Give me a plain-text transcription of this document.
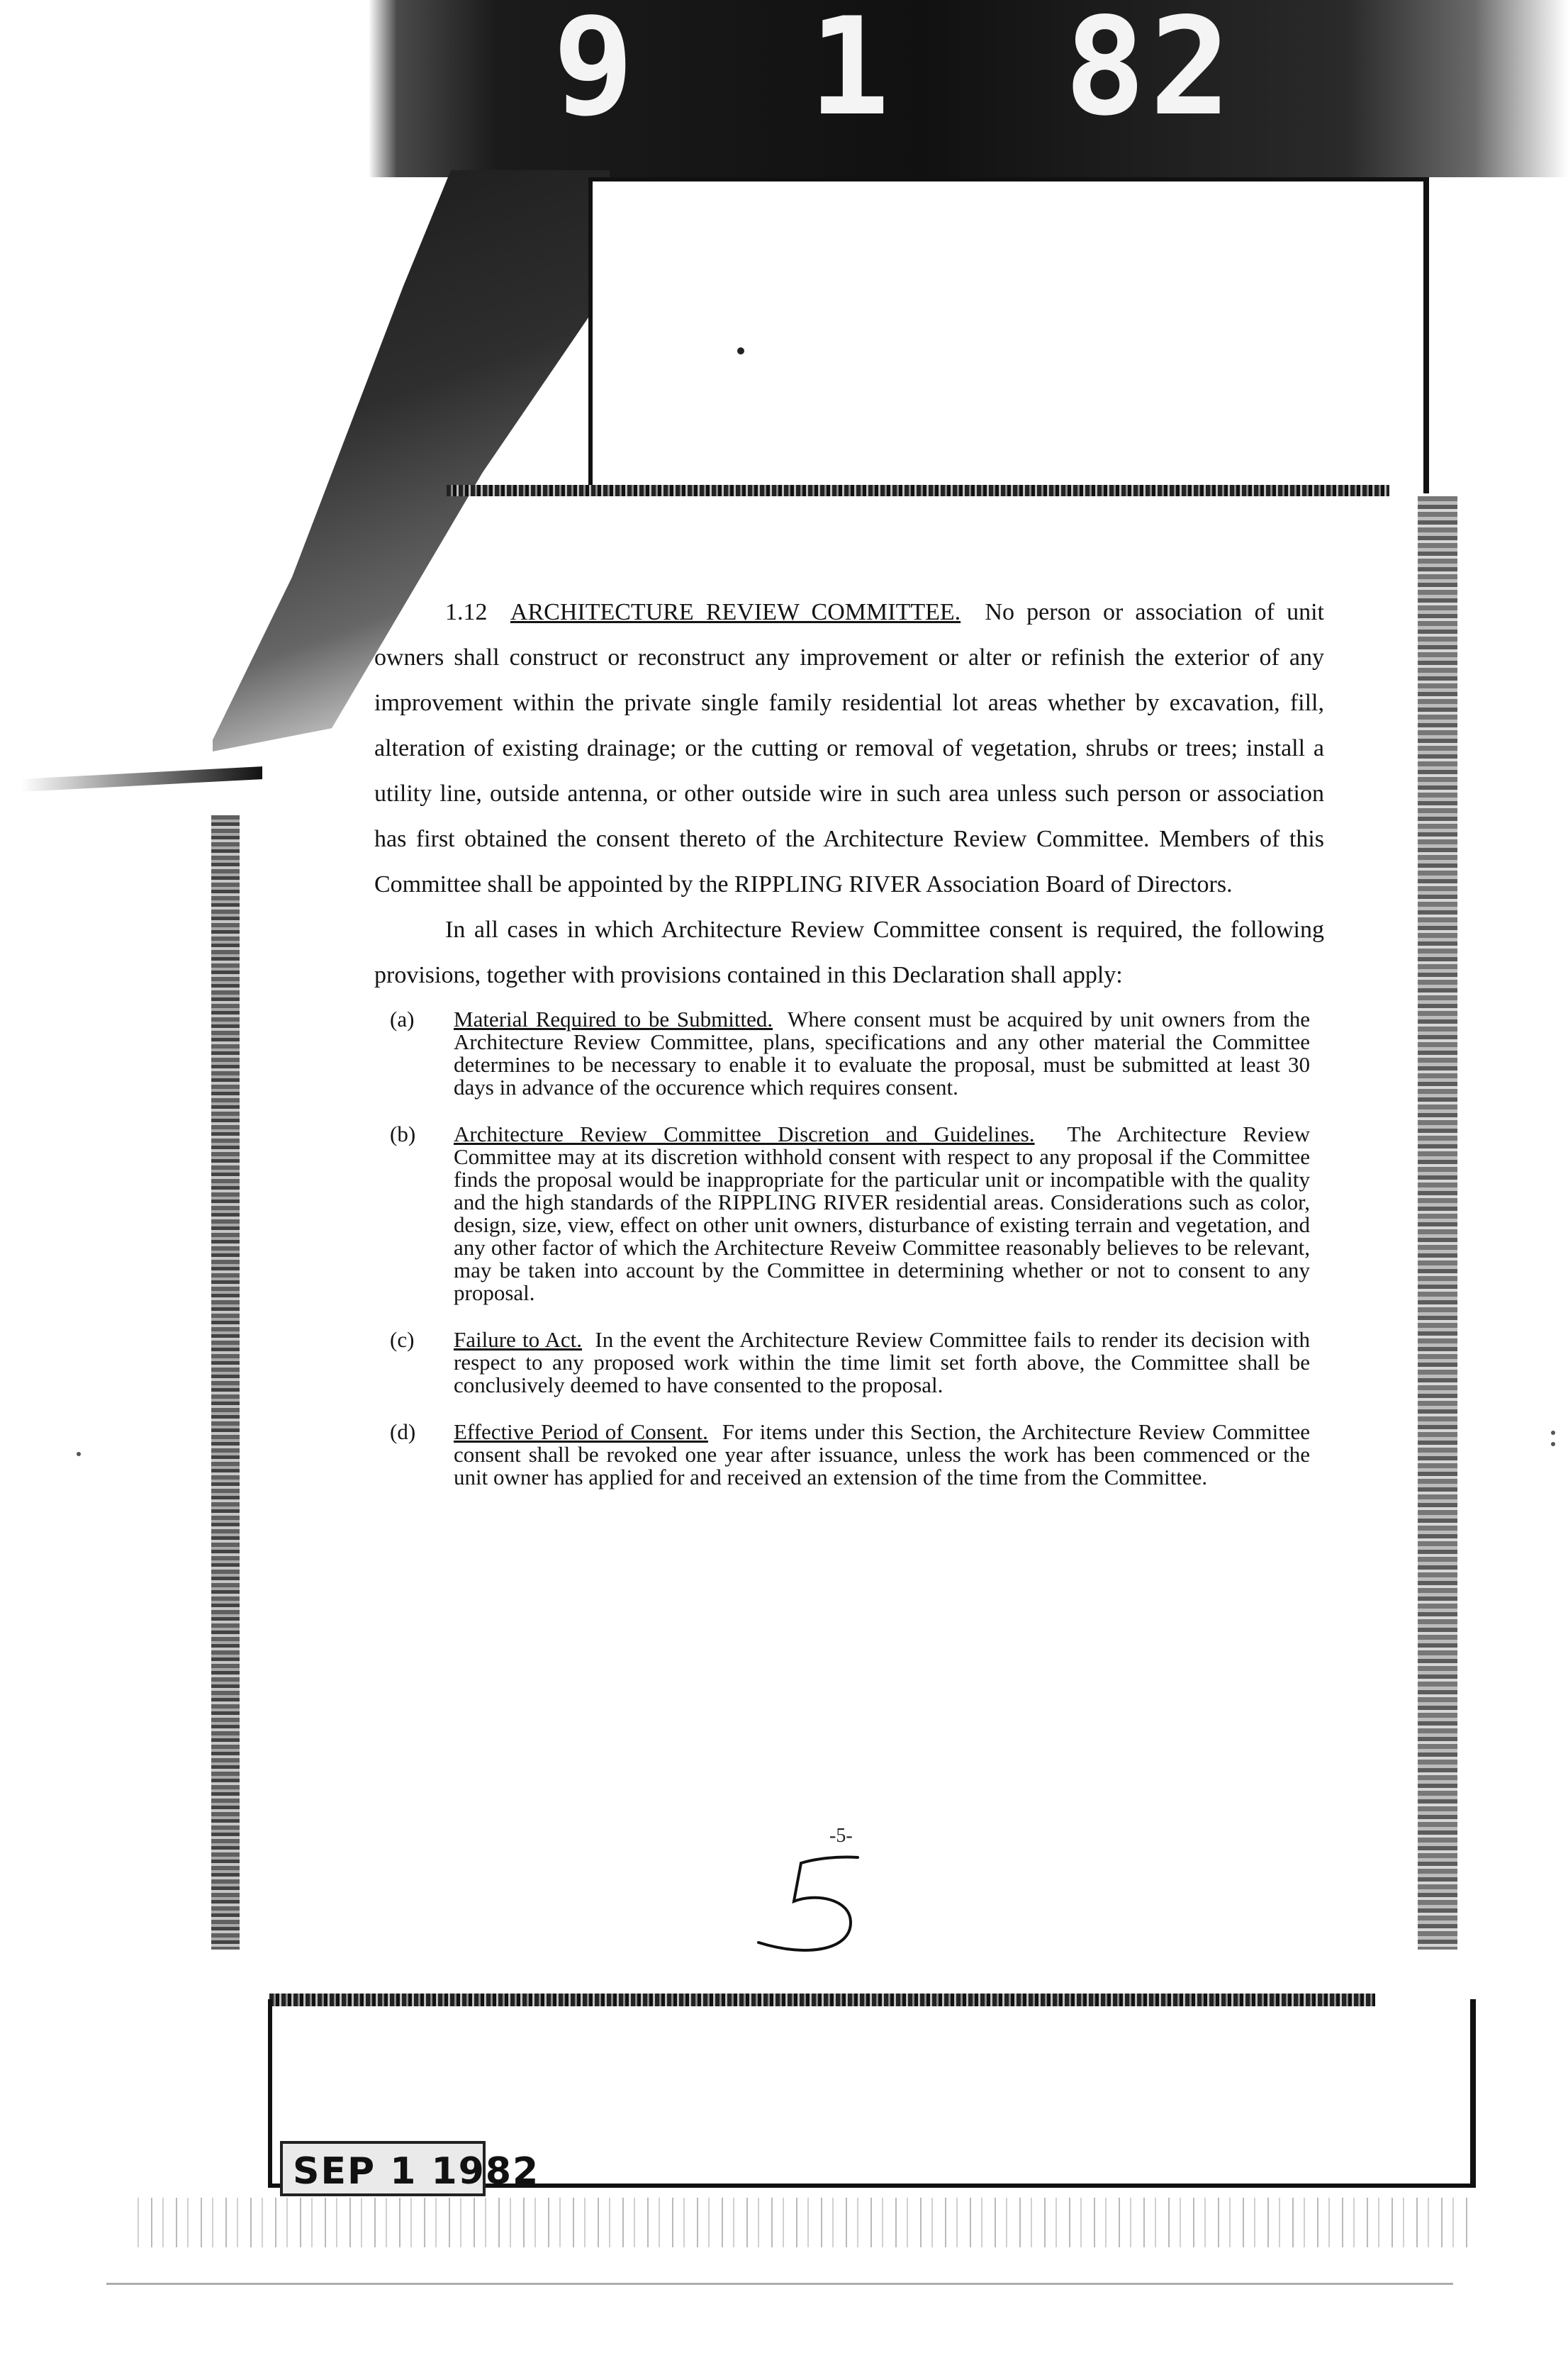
9 1 82
1.12 ARCHITECTURE REVIEW COMMITTEE. No person or association of unit owners shall construct or reconstruct any improvement or alter or refinish the exterior of any improvement within the private single family residential lot areas whether by excavation, fill, alteration of existing drainage; or the cutting or removal of vegetation, shrubs or trees; install a utility line, outside antenna, or other outside wire in such area unless such person or association has first obtained the consent thereto of the Architecture Review Committee. Members of this Committee shall be appointed by the RIPPLING RIVER Association Board of Directors.
In all cases in which Architecture Review Committee consent is required, the following provisions, together with provisions contained in this Declaration shall apply:
(a)	Material Required to be Submitted. Where consent must be acquired by unit owners from the Architecture Review Committee, plans, specifications and any other material the Committee determines to be necessary to enable it to evaluate the proposal, must be submitted at least 30 days in advance of the occurence which requires consent.
(b)	Architecture Review Committee Discretion and Guidelines. The Architecture Review Committee may at its discretion withhold consent with respect to any proposal if the Committee finds the proposal would be inappropriate for the particular unit or incompatible with the quality and the high standards of the RIPPLING RIVER residential areas. Considerations such as color, design, size, view, effect on other unit owners, disturbance of existing terrain and vegetation, and any other factor of which the Architecture Reveiw Committee reasonably believes to be relevant, may be taken into account by the Committee in determining whether or not to consent to any proposal.
(c)	Failure to Act. In the event the Architecture Review Committee fails to render its decision with respect to any proposed work within the time limit set forth above, the Committee shall be conclusively deemed to have consented to the proposal.
(d)	Effective Period of Consent. For items under this Section, the Architecture Review Committee consent shall be revoked one year after issuance, unless the work has been commenced or the unit owner has applied for and received an extension of the time from the Committee.
-5-
SEP 1 1982
